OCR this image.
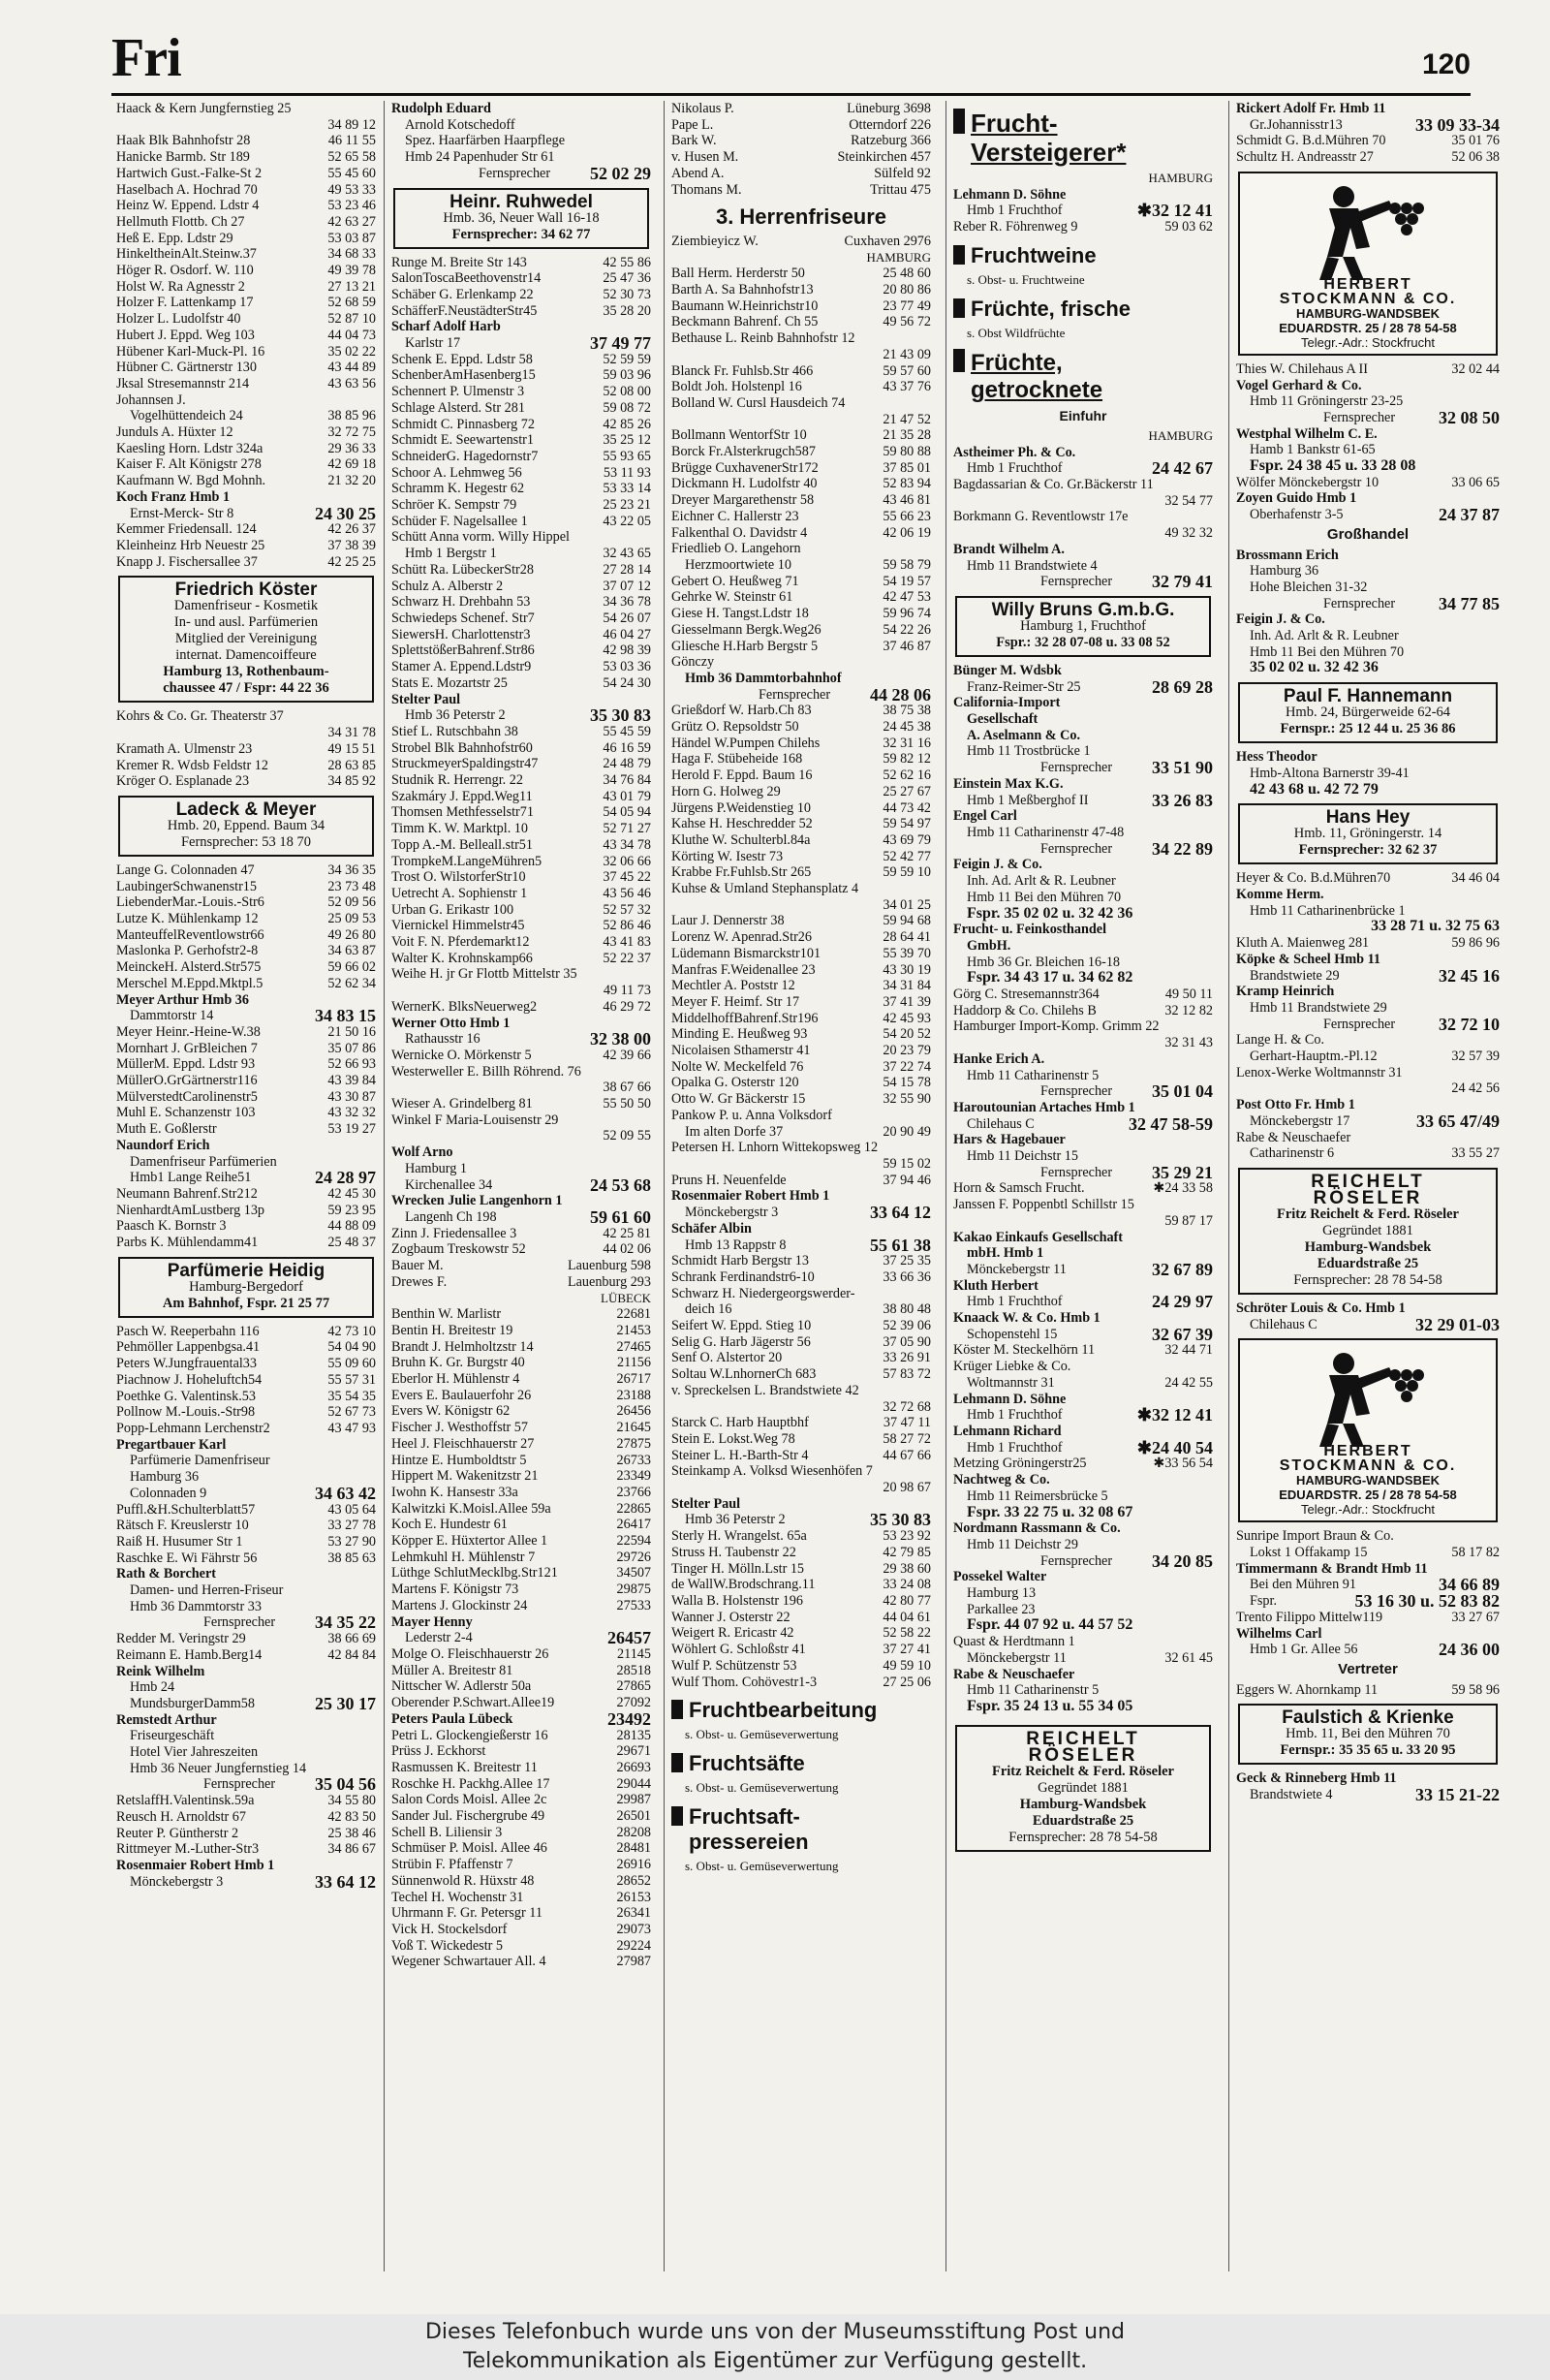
Fri	120
Haack & Kern Jungfernstieg 25
34 89 12
Haak Blk Bahnhofstr 28	46 11 55
Hanicke Barmb. Str 189	52 65 58
Hartwich Gust.-Falke-St 2	55 45 60
Haselbach A. Hochrad 70	49 53 33
Heinz W. Eppend. Ldstr 4	53 23 46
Hellmuth Flottb. Ch 27	42 63 27
Heß E. Epp. Ldstr 29	53 03 87
HinkeltheinAlt.Steinw.37	34 68 33
Höger R. Osdorf. W. 110	49 39 78
Holst W. Ra Agnesstr 2	27 13 21
Holzer F. Lattenkamp 17	52 68 59
Holzer L. Ludolfstr 40	52 87 10
Hubert J. Eppd. Weg 103	44 04 73
Hübener Karl-Muck-Pl. 16	35 02 22
Hübner C. Gärtnerstr 130	43 44 89
Jksal Stresemannstr 214	43 63 56
Johannsen J.
Vogelhüttendeich 24	38 85 96
Junduls A. Hüxter 12	32 72 75
Kaesling Horn. Ldstr 324a	29 36 33
Kaiser F. Alt Königstr 278	42 69 18
Kaufmann W. Bgd Mohnh.	21 32 20
Koch Franz Hmb 1
Ernst-Merck- Str 8	24 30 25
Kemmer Friedensall. 124	42 26 37
Kleinheinz Hrb Neuestr 25	37 38 39
Knapp J. Fischersallee 37	42 25 25
Friedrich Köster
Damenfriseur - Kosmetik
In- und ausl. Parfümerien
Mitglied der Vereinigung
internat. Damencoiffeure
Hamburg 13, Rothenbaum-
chaussee 47 / Fspr: 44 22 36
Kohrs & Co. Gr. Theaterstr 37
34 31 78
Kramath A. Ulmenstr 23	49 15 51
Kremer R. Wdsb Feldstr 12	28 63 85
Kröger O. Esplanade 23	34 85 92
Ladeck & Meyer
Hmb. 20, Eppend. Baum 34
Fernsprecher: 53 18 70
Lange G. Colonnaden 47	34 36 35
LaubingerSchwanenstr15	23 73 48
LiebenderMar.-Louis.-Str6	52 09 56
Lutze K. Mühlenkamp 12	25 09 53
ManteuffelReventlowstr66	49 26 80
Maslonka P. Gerhofstr2-8	34 63 87
MeinckeH. Alsterd.Str575	59 66 02
Merschel M.Eppd.Mktpl.5	52 62 34
Meyer Arthur Hmb 36
Dammtorstr 14	34 83 15
Meyer Heinr.-Heine-W.38	21 50 16
Mornhart J. GrBleichen 7	35 07 86
MüllerM. Eppd. Ldstr 93	52 66 93
MüllerO.GrGärtnerstr116	43 39 84
MülverstedtCarolinenstr5	43 30 87
Muhl E. Schanzenstr 103	43 32 32
Muth E. Goßlerstr	53 19 27
Naundorf Erich
Damenfriseur Parfümerien
Hmb1 Lange Reihe51	24 28 97
Neumann Bahrenf.Str212	42 45 30
NienhardtAmLustberg 13p	59 23 95
Paasch K. Bornstr 3	44 88 09
Parbs K. Mühlendamm41	25 48 37
Parfümerie Heidig
Hamburg-Bergedorf
Am Bahnhof, Fspr. 21 25 77
Pasch W. Reeperbahn 116	42 73 10
Pehmöller Lappenbgsa.41	54 04 90
Peters W.Jungfrauental33	55 09 60
Piachnow J. Hoheluftch54	55 57 31
Poethke G. Valentinsk.53	35 54 35
Pollnow M.-Louis.-Str98	52 67 73
Popp-Lehmann Lerchenstr2	43 47 93
Pregartbauer Karl
Parfümerie Damenfriseur
Hamburg 36
Colonnaden 9	34 63 42
Puffl.&H.Schulterblatt57	43 05 64
Rätsch F. Kreuslerstr 10	33 27 78
Raiß H. Husumer Str 1	53 27 90
Raschke E. Wi Fährstr 56	38 85 63
Rath & Borchert
Damen- und Herren-Friseur
Hmb 36 Dammtorstr 33
Fernsprecher 34 35 22
Redder M. Veringstr 29	38 66 69
Reimann E. Hamb.Berg14	42 84 84
Reink Wilhelm
Hmb 24
MundsburgerDamm58	25 30 17
Remstedt Arthur
Friseurgeschäft
Hotel Vier Jahreszeiten
Hmb 36 Neuer Jungfernstieg 14
Fernsprecher 35 04 56
RetslaffH.Valentinsk.59a	34 55 80
Reusch H. Arnoldstr 67	42 83 50
Reuter P. Güntherstr 2	25 38 46
Rittmeyer M.-Luther-Str3	34 86 67
Rosenmaier Robert Hmb 1
Mönckebergstr 3	33 64 12
Rudolph Eduard
Arnold Kotschedoff
Spez. Haarfärben Haarpflege
Hmb 24 Papenhuder Str 61
Fernsprecher 52 02 29
Heinr. Ruhwedel
Hmb. 36, Neuer Wall 16-18
Fernsprecher: 34 62 77
Runge M. Breite Str 143	42 55 86
SalonToscaBeethovenstr14	25 47 36
Schäber G. Erlenkamp 22	52 30 73
SchäfferF.NeustädterStr45	35 28 20
Scharf Adolf Harb
Karlstr 17	37 49 77
Schenk E. Eppd. Ldstr 58	52 59 59
SchenberAmHasenberg15	59 03 96
Schennert P. Ulmenstr 3	52 08 00
Schlage Alsterd. Str 281	59 08 72
Schmidt C. Pinnasberg 72	42 85 26
Schmidt E. Seewartenstr1	35 25 12
SchneiderG. Hagedornstr7	55 93 65
Schoor A. Lehmweg 56	53 11 93
Schramm K. Hegestr 62	53 33 14
Schröer K. Sempstr 79	25 23 21
Schüder F. Nagelsallee 1	43 22 05
Schütt Anna vorm. Willy Hippel
Hmb 1 Bergstr 1	32 43 65
Schütt Ra. LübeckerStr28	27 28 14
Schulz A. Alberstr 2	37 07 12
Schwarz H. Drehbahn 53	34 36 78
Schwiedeps Schenef. Str7	54 26 07
SiewersH. Charlottenstr3	46 04 27
SplettstößerBahrenf.Str86	42 98 39
Stamer A. Eppend.Ldstr9	53 03 36
Stats E. Mozartstr 25	54 24 30
Stelter Paul
Hmb 36 Peterstr 2	35 30 83
Stief L. Rutschbahn 38	55 45 59
Strobel Blk Bahnhofstr60	46 16 59
StruckmeyerSpaldingstr47	24 48 79
Studnik R. Herrengr. 22	34 76 84
Szakmáry J. Eppd.Weg11	43 01 79
Thomsen Methfesselstr71	54 05 94
Timm K. W. Marktpl. 10	52 71 27
Topp A.-M. Belleall.str51	43 34 78
TrompkeM.LangeMühren5	32 06 66
Trost O. WilstorferStr10	37 45 22
Uetrecht A. Sophienstr 1	43 56 46
Urban G. Erikastr 100	52 57 32
Viernickel Himmelstr45	52 86 46
Voit F. N. Pferdemarkt12	43 41 83
Walter K. Krohnskamp66	52 22 37
Weihe H. jr Gr Flottb Mittelstr 35
49 11 73
WernerK. BlksNeuerweg2	46 29 72
Werner Otto Hmb 1
Rathausstr 16	32 38 00
Wernicke O. Mörkenstr 5	42 39 66
Westerweller E. Billh Röhrend. 76
38 67 66
Wieser A. Grindelberg 81	55 50 50
Winkel F Maria-Louisenstr 29
52 09 55
Wolf Arno
Hamburg 1
Kirchenallee 34	24 53 68
Wrecken Julie Langenhorn 1
Langenh Ch 198	59 61 60
Zinn J. Friedensallee 3	42 25 81
Zogbaum Treskowstr 52	44 02 06
Bauer M.	Lauenburg 598
Drewes F.	Lauenburg 293
LÜBECK
Benthin W. Marlistr	22681
Bentin H. Breitestr 19	21453
Brandt J. Helmholtzstr 14	27465
Bruhn K. Gr. Burgstr 40	21156
Eberlor H. Mühlenstr 4	26717
Evers E. Baulauerfohr 26	23188
Evers W. Königstr 62	26456
Fischer J. Westhoffstr 57	21645
Heel J. Fleischhauerstr 27	27875
Hintze E. Humboldtstr 5	26733
Hippert M. Wakenitzstr 21	23349
Iwohn K. Hansestr 33a	23766
Kalwitzki K.Moisl.Allee 59a	22865
Koch E. Hundestr 61	26417
Köpper E. Hüxtertor Allee 1	22594
Lehmkuhl H. Mühlenstr 7	29726
Lüthge SchlutMecklbg.Str121	34507
Martens F. Königstr 73	29875
Martens J. Glockinstr 24	27533
Mayer Henny
Lederstr 2-4	26457
Molge O. Fleischhauerstr 26	21145
Müller A. Breitestr 81	28518
Nittscher W. Adlerstr 50a	27865
Oberender P.Schwart.Allee19	27092
Peters Paula Lübeck	23492
Petri L. Glockengießerstr 16	28135
Prüss J. Eckhorst	29671
Rasmussen K. Breitestr 11	26693
Roschke H. Packhg.Allee 17	29044
Salon Cords Moisl. Allee 2c	29987
Sander Jul. Fischergrube 49	26501
Schell B. Liliensir 3	28208
Schmüser P. Moisl. Allee 46	28481
Strübin F. Pfaffenstr 7	26916
Sünnenwold R. Hüxstr 48	28652
Techel H. Wochenstr 31	26153
Uhrmann F. Gr. Petersgr 11	26341
Vick H. Stockelsdorf	29073
Voß T. Wickedestr 5	29224
Wegener Schwartauer All. 4	27987
Nikolaus P.	Lüneburg 3698
Pape L.	Otterndorf 226
Bark W.	Ratzeburg 366
v. Husen M.	Steinkirchen 457
Abend A.	Sülfeld 92
Thomans M.	Trittau 475
3. Herrenfriseure
Ziembieyicz W.	Cuxhaven 2976
HAMBURG
Ball Herm. Herderstr 50	25 48 60
Barth A. Sa Bahnhofstr13	20 80 86
Baumann W.Heinrichstr10	23 77 49
Beckmann Bahrenf. Ch 55	49 56 72
Bethause L. Reinb Bahnhofstr 12
21 43 09
Blanck Fr. Fuhlsb.Str 466	59 57 60
Boldt Joh. Holstenpl 16	43 37 76
Bolland W. Cursl Hausdeich 74
21 47 52
Bollmann WentorfStr 10	21 35 28
Borck Fr.Alsterkrugch587	59 80 88
Brügge CuxhavenerStr172	37 85 01
Dickmann H. Ludolfstr 40	52 83 94
Dreyer Margarethenstr 58	43 46 81
Eichner C. Hallerstr 23	55 66 23
Falkenthal O. Davidstr 4	42 06 19
Friedlieb O. Langehorn
Herzmoortwiete 10	59 58 79
Gebert O. Heußweg 71	54 19 57
Gehrke W. Steinstr 61	42 47 53
Giese H. Tangst.Ldstr 18	59 96 74
Giesselmann Bergk.Weg26	54 22 26
Gliesche H.Harb Bergstr 5	37 46 87
Gönczy
Hmb 36 Dammtorbahnhof
Fernsprecher 44 28 06
Grießdorf W. Harb.Ch 83	38 75 38
Grütz O. Repsoldstr 50	24 45 38
Händel W.Pumpen Chilehs	32 31 16
Haga F. Stübeheide 168	59 82 12
Herold F. Eppd. Baum 16	52 62 16
Horn G. Holweg 29	25 27 67
Jürgens P.Weidenstieg 10	44 73 42
Kahse H. Heschredder 52	59 54 97
Kluthe W. Schulterbl.84a	43 69 79
Körting W. Isestr 73	52 42 77
Krabbe Fr.Fuhlsb.Str 265	59 59 10
Kuhse & Umland Stephansplatz 4
34 01 25
Laur J. Dennerstr 38	59 94 68
Lorenz W. Apenrad.Str26	28 64 41
Lüdemann Bismarckstr101	55 39 70
Manfras F.Weidenallee 23	43 30 19
Mechtler A. Poststr 12	34 31 84
Meyer F. Heimf. Str 17	37 41 39
MiddelhoffBahrenf.Str196	42 45 93
Minding E. Heußweg 93	54 20 52
Nicolaisen Sthamerstr 41	20 23 79
Nolte W. Meckelfeld 76	37 22 74
Opalka G. Osterstr 120	54 15 78
Otto W. Gr Bäckerstr 15	32 55 90
Pankow P. u. Anna Volksdorf
Im alten Dorfe 37	20 90 49
Petersen H. Lnhorn Wittekopsweg 12
59 15 02
Pruns H. Neuenfelde	37 94 46
Rosenmaier Robert Hmb 1
Mönckebergstr 3	33 64 12
Schäfer Albin
Hmb 13 Rappstr 8	55 61 38
Schmidt Harb Bergstr 13	37 25 35
Schrank Ferdinandstr6-10	33 66 36
Schwarz H. Niedergeorgswerder-
deich 16	38 80 48
Seifert W. Eppd. Stieg 10	52 39 06
Selig G. Harb Jägerstr 56	37 05 90
Senf O. Alstertor 20	33 26 91
Soltau W.LnhornerCh 683	57 83 72
v. Spreckelsen L. Brandstwiete 42
32 72 68
Starck C. Harb Hauptbhf	37 47 11
Stein E. Lokst.Weg 78	58 27 72
Steiner L. H.-Barth-Str 4	44 67 66
Steinkamp A. Volksd Wiesenhöfen 7
20 98 67
Stelter Paul
Hmb 36 Peterstr 2	35 30 83
Sterly H. Wrangelst. 65a	53 23 92
Struss H. Taubenstr 22	42 79 85
Tinger H. Mölln.Lstr 15	29 38 60
de WallW.Brodschrang.11	33 24 08
Walla B. Holstenstr 196	42 80 77
Wanner J. Osterstr 22	44 04 61
Weigert R. Ericastr 42	52 58 22
Wöhlert G. Schloßstr 41	37 27 41
Wulf P. Schützenstr 53	49 59 10
Wulf Thom. Cohövestr1-3	27 25 06
Fruchtbearbeitung
s. Obst- u. Gemüseverwertung
Fruchtsäfte
s. Obst- u. Gemüseverwertung
Fruchtsaft-
pressereien
s. Obst- u. Gemüseverwertung
Frucht-
Versteigerer*
HAMBURG
Lehmann D. Söhne
Hmb 1 Fruchthof	✱32 12 41
Reber R. Föhrenweg 9	59 03 62
Fruchtweine
s. Obst- u. Fruchtweine
Früchte, frische
s. Obst Wildfrüchte
Früchte,
getrocknete
Einfuhr
HAMBURG
Astheimer Ph. & Co.
Hmb 1 Fruchthof	24 42 67
Bagdassarian & Co. Gr.Bäckerstr 11
32 54 77
Borkmann G. Reventlowstr 17e
49 32 32
Brandt Wilhelm A.
Hmb 11 Brandstwiete 4
Fernsprecher 32 79 41
Willy Bruns G.m.b.G.
Hamburg 1, Fruchthof
Fspr.: 32 28 07-08 u. 33 08 52
Bünger M. Wdsbk
Franz-Reimer-Str 25	28 69 28
California-Import
Gesellschaft
A. Aselmann & Co.
Hmb 11 Trostbrücke 1
Fernsprecher 33 51 90
Einstein Max K.G.
Hmb 1 Meßberghof II	33 26 83
Engel Carl
Hmb 11 Catharinenstr 47-48
Fernsprecher 34 22 89
Feigin J. & Co.
Inh. Ad. Arlt & R. Leubner
Hmb 11 Bei den Mühren 70
Fspr. 35 02 02 u. 32 42 36
Frucht- u. Feinkosthandel
GmbH.
Hmb 36 Gr. Bleichen 16-18
Fspr. 34 43 17 u. 34 62 82
Görg C. Stresemannstr364	49 50 11
Haddorp & Co. Chilehs B	32 12 82
Hamburger Import-Komp. Grimm 22
32 31 43
Hanke Erich A.
Hmb 11 Catharinenstr 5
Fernsprecher 35 01 04
Haroutounian Artaches Hmb 1
Chilehaus C	32 47 58-59
Hars & Hagebauer
Hmb 11 Deichstr 15
Fernsprecher 35 29 21
Horn & Samsch Frucht.	✱24 33 58
Janssen F. Poppenbtl Schillstr 15
59 87 17
Kakao Einkaufs Gesellschaft
mbH. Hmb 1
Mönckebergstr 11	32 67 89
Kluth Herbert
Hmb 1 Fruchthof	24 29 97
Knaack W. & Co. Hmb 1
Schopenstehl 15	32 67 39
Köster M. Steckelhörn 11	32 44 71
Krüger Liebke & Co.
Woltmannstr 31	24 42 55
Lehmann D. Söhne
Hmb 1 Fruchthof	✱32 12 41
Lehmann Richard
Hmb 1 Fruchthof	✱24 40 54
Metzing Gröningerstr25	✱33 56 54
Nachtweg & Co.
Hmb 11 Reimersbrücke 5
Fspr. 33 22 75 u. 32 08 67
Nordmann Rassmann & Co.
Hmb 11 Deichstr 29
Fernsprecher 34 20 85
Possekel Walter
Hamburg 13
Parkallee 23
Fspr. 44 07 92 u. 44 57 52
Quast & Herdtmann 1
Mönckebergstr 11	32 61 45
Rabe & Neuschaefer
Hmb 11 Catharinenstr 5
Fspr. 35 24 13 u. 55 34 05
REICHELT
RÖSELER
Fritz Reichelt & Ferd. Röseler
Gegründet 1881
Hamburg-Wandsbek
Eduardstraße 25
Fernsprecher: 28 78 54-58
Rickert Adolf Fr. Hmb 11
Gr.Johannisstr13	33 09 33-34
Schmidt G. B.d.Mühren 70	35 01 76
Schultz H. Andreasstr 27	52 06 38
HERBERT
STOCKMANN & CO.
HAMBURG-WANDSBEK
EDUARDSTR. 25 / 28 78 54-58
Telegr.-Adr.: Stockfrucht
Thies W. Chilehaus A II	32 02 44
Vogel Gerhard & Co.
Hmb 11 Gröningerstr 23-25
Fernsprecher 32 08 50
Westphal Wilhelm C. E.
Hamb 1 Bankstr 61-65
Fspr. 24 38 45 u. 33 28 08
Wölfer Mönckebergstr 10	33 06 65
Zoyen Guido Hmb 1
Oberhafenstr 3-5	24 37 87
Großhandel
Brossmann Erich
Hamburg 36
Hohe Bleichen 31-32
Fernsprecher 34 77 85
Feigin J. & Co.
Inh. Ad. Arlt & R. Leubner
Hmb 11 Bei den Mühren 70
35 02 02 u. 32 42 36
Paul F. Hannemann
Hmb. 24, Bürgerweide 62-64
Fernspr.: 25 12 44 u. 25 36 86
Hess Theodor
Hmb-Altona Barnerstr 39-41
42 43 68 u. 42 72 79
Hans Hey
Hmb. 11, Gröningerstr. 14
Fernsprecher: 32 62 37
Heyer & Co. B.d.Mühren70	34 46 04
Komme Herm.
Hmb 11 Catharinenbrücke 1
33 28 71 u. 32 75 63
Kluth A. Maienweg 281	59 86 96
Köpke & Scheel Hmb 11
Brandstwiete 29	32 45 16
Kramp Heinrich
Hmb 11 Brandstwiete 29
Fernsprecher 32 72 10
Lange H. & Co.
Gerhart-Hauptm.-Pl.12	32 57 39
Lenox-Werke Woltmannstr 31
24 42 56
Post Otto Fr. Hmb 1
Mönckebergstr 17	33 65 47/49
Rabe & Neuschaefer
Catharinenstr 6	33 55 27
REICHELT
RÖSELER
Fritz Reichelt & Ferd. Röseler
Gegründet 1881
Hamburg-Wandsbek
Eduardstraße 25
Fernsprecher: 28 78 54-58
Schröter Louis & Co. Hmb 1
Chilehaus C	32 29 01-03
HERBERT
STOCKMANN & CO.
HAMBURG-WANDSBEK
EDUARDSTR. 25 / 28 78 54-58
Telegr.-Adr.: Stockfrucht
Sunripe Import Braun & Co.
Lokst 1 Offakamp 15	58 17 82
Timmermann & Brandt Hmb 11
Bei den Mühren 91	34 66 89
Fspr.	53 16 30 u. 52 83 82
Trento Filippo Mittelw119	33 27 67
Wilhelms Carl
Hmb 1 Gr. Allee 56	24 36 00
Vertreter
Eggers W. Ahornkamp 11	59 58 96
Faulstich & Krienke
Hmb. 11, Bei den Mühren 70
Fernspr.: 35 35 65 u. 33 20 95
Geck & Rinneberg Hmb 11
Brandstwiete 4	33 15 21-22
Dieses Telefonbuch wurde uns von der Museumsstiftung Post und
Telekommunikation als Eigentümer zur Verfügung gestellt.
